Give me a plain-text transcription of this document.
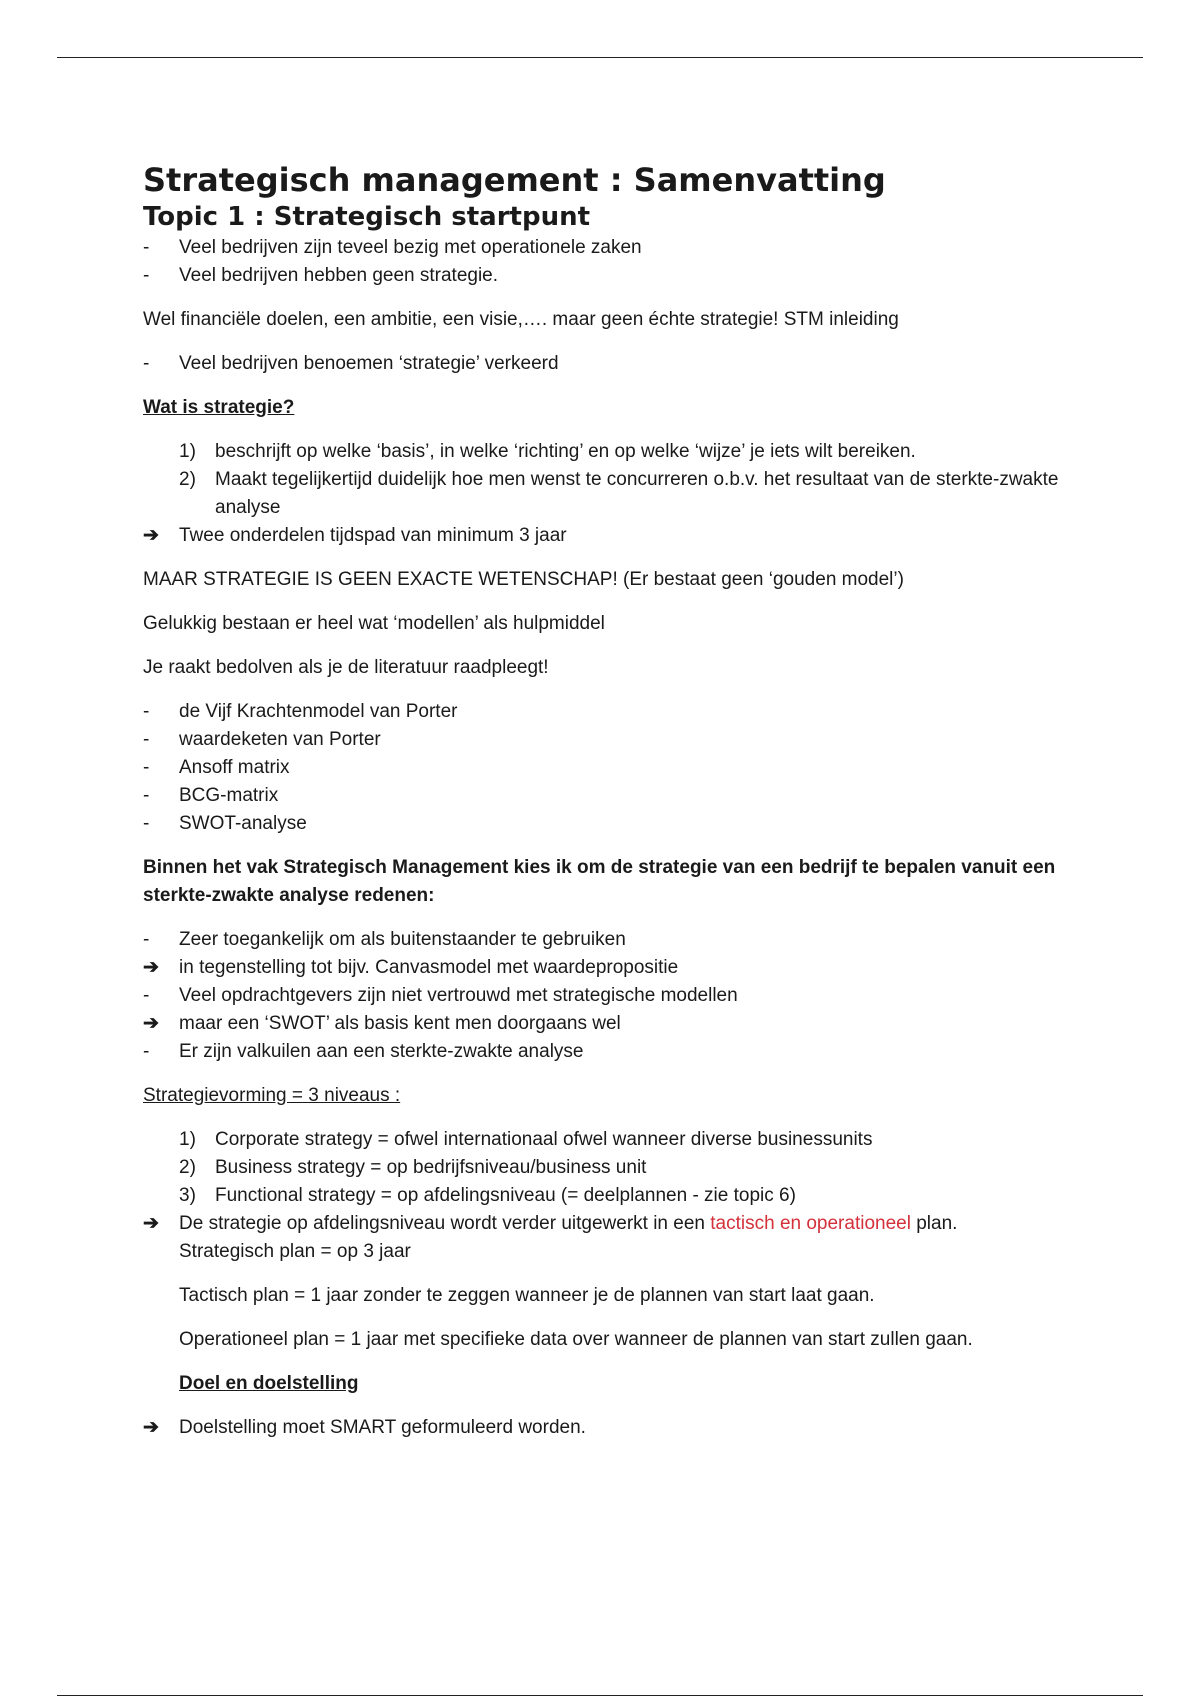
Strategisch management : Samenvatting
Topic 1 : Strategisch startpunt
- Veel bedrijven zijn teveel bezig met operationele zaken
- Veel bedrijven hebben geen strategie.

Wel financiële doelen, een ambitie, een visie,…. maar geen échte strategie! STM inleiding

- Veel bedrijven benoemen ‘strategie’ verkeerd

Wat is strategie?

1) beschrijft op welke ‘basis’, in welke ‘richting’ en op welke ‘wijze’ je iets wilt bereiken.
2) Maakt tegelijkertijd duidelijk hoe men wenst te concurreren o.b.v. het resultaat van de sterkte-zwakte analyse
➔ Twee onderdelen tijdspad van minimum 3 jaar

MAAR STRATEGIE IS GEEN EXACTE WETENSCHAP! (Er bestaat geen ‘gouden model’)

Gelukkig bestaan er heel wat ‘modellen’ als hulpmiddel

Je raakt bedolven als je de literatuur raadpleegt!

- de Vijf Krachtenmodel van Porter
- waardeketen van Porter
- Ansoff matrix
- BCG-matrix
- SWOT-analyse

Binnen het vak Strategisch Management kies ik om de strategie van een bedrijf te bepalen vanuit een sterkte-zwakte analyse redenen:

- Zeer toegankelijk om als buitenstaander te gebruiken
➔ in tegenstelling tot bijv. Canvasmodel met waardepropositie
- Veel opdrachtgevers zijn niet vertrouwd met strategische modellen
➔ maar een ‘SWOT’ als basis kent men doorgaans wel
- Er zijn valkuilen aan een sterkte-zwakte analyse

Strategievorming = 3 niveaus :

1) Corporate strategy = ofwel internationaal ofwel wanneer diverse businessunits
2) Business strategy = op bedrijfsniveau/business unit
3) Functional strategy = op afdelingsniveau (= deelplannen - zie topic 6)
➔ De strategie op afdelingsniveau wordt verder uitgewerkt in een tactisch en operationeel plan.
Strategisch plan = op 3 jaar

Tactisch plan = 1 jaar zonder te zeggen wanneer je de plannen van start laat gaan.

Operationeel plan = 1 jaar met specifieke data over wanneer de plannen van start zullen gaan.

Doel en doelstelling

➔ Doelstelling moet SMART geformuleerd worden.
